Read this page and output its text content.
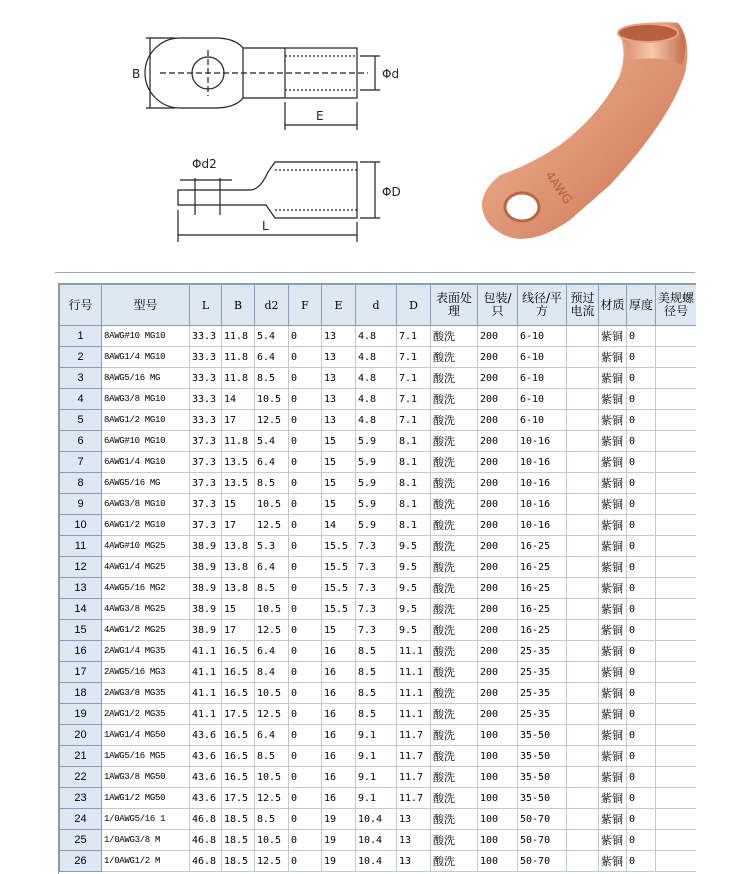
B	Φd
E
Φd2
ΦD
L
4AWG
行号	型号	L	B	d2	F	E	d	D	表面处理	包装/只	线径/平方	预过电流	材质	厚度	美规螺径号
1	8AWG#10 MG10	33.3	11.8	5.4	0	13	4.8	7.1	酸洗	200	6-10		紫铜	0	
2	8AWG1/4 MG10	33.3	11.8	6.4	0	13	4.8	7.1	酸洗	200	6-10		紫铜	0	
3	8AWG5/16 MG	33.3	11.8	8.5	0	13	4.8	7.1	酸洗	200	6-10		紫铜	0	
4	8AWG3/8 MG10	33.3	14	10.5	0	13	4.8	7.1	酸洗	200	6-10		紫铜	0	
5	8AWG1/2 MG10	33.3	17	12.5	0	13	4.8	7.1	酸洗	200	6-10		紫铜	0	
6	6AWG#10 MG10	37.3	11.8	5.4	0	15	5.9	8.1	酸洗	200	10-16		紫铜	0	
7	6AWG1/4 MG10	37.3	13.5	6.4	0	15	5.9	8.1	酸洗	200	10-16		紫铜	0	
8	6AWG5/16 MG	37.3	13.5	8.5	0	15	5.9	8.1	酸洗	200	10-16		紫铜	0	
9	6AWG3/8 MG10	37.3	15	10.5	0	15	5.9	8.1	酸洗	200	10-16		紫铜	0	
10	6AWG1/2 MG10	37.3	17	12.5	0	14	5.9	8.1	酸洗	200	10-16		紫铜	0	
11	4AWG#10 MG25	38.9	13.8	5.3	0	15.5	7.3	9.5	酸洗	200	16-25		紫铜	0	
12	4AWG1/4 MG25	38.9	13.8	6.4	0	15.5	7.3	9.5	酸洗	200	16-25		紫铜	0	
13	4AWG5/16 MG2	38.9	13.8	8.5	0	15.5	7.3	9.5	酸洗	200	16-25		紫铜	0	
14	4AWG3/8 MG25	38.9	15	10.5	0	15.5	7.3	9.5	酸洗	200	16-25		紫铜	0	
15	4AWG1/2 MG25	38.9	17	12.5	0	15	7.3	9.5	酸洗	200	16-25		紫铜	0	
16	2AWG1/4 MG35	41.1	16.5	6.4	0	16	8.5	11.1	酸洗	200	25-35		紫铜	0	
17	2AWG5/16 MG3	41.1	16.5	8.4	0	16	8.5	11.1	酸洗	200	25-35		紫铜	0	
18	2AWG3/8 MG35	41.1	16.5	10.5	0	16	8.5	11.1	酸洗	200	25-35		紫铜	0	
19	2AWG1/2 MG35	41.1	17.5	12.5	0	16	8.5	11.1	酸洗	200	25-35		紫铜	0	
20	1AWG1/4 MG50	43.6	16.5	6.4	0	16	9.1	11.7	酸洗	100	35-50		紫铜	0	
21	1AWG5/16 MG5	43.6	16.5	8.5	0	16	9.1	11.7	酸洗	100	35-50		紫铜	0	
22	1AWG3/8 MG50	43.6	16.5	10.5	0	16	9.1	11.7	酸洗	100	35-50		紫铜	0	
23	1AWG1/2 MG50	43.6	17.5	12.5	0	16	9.1	11.7	酸洗	100	35-50		紫铜	0	
24	1/0AWG5/16 1	46.8	18.5	8.5	0	19	10.4	13	酸洗	100	50-70		紫铜	0	
25	1/0AWG3/8 M	46.8	18.5	10.5	0	19	10.4	13	酸洗	100	50-70		紫铜	0	
26	1/0AWG1/2 M	46.8	18.5	12.5	0	19	10.4	13	酸洗	100	50-70		紫铜	0	
